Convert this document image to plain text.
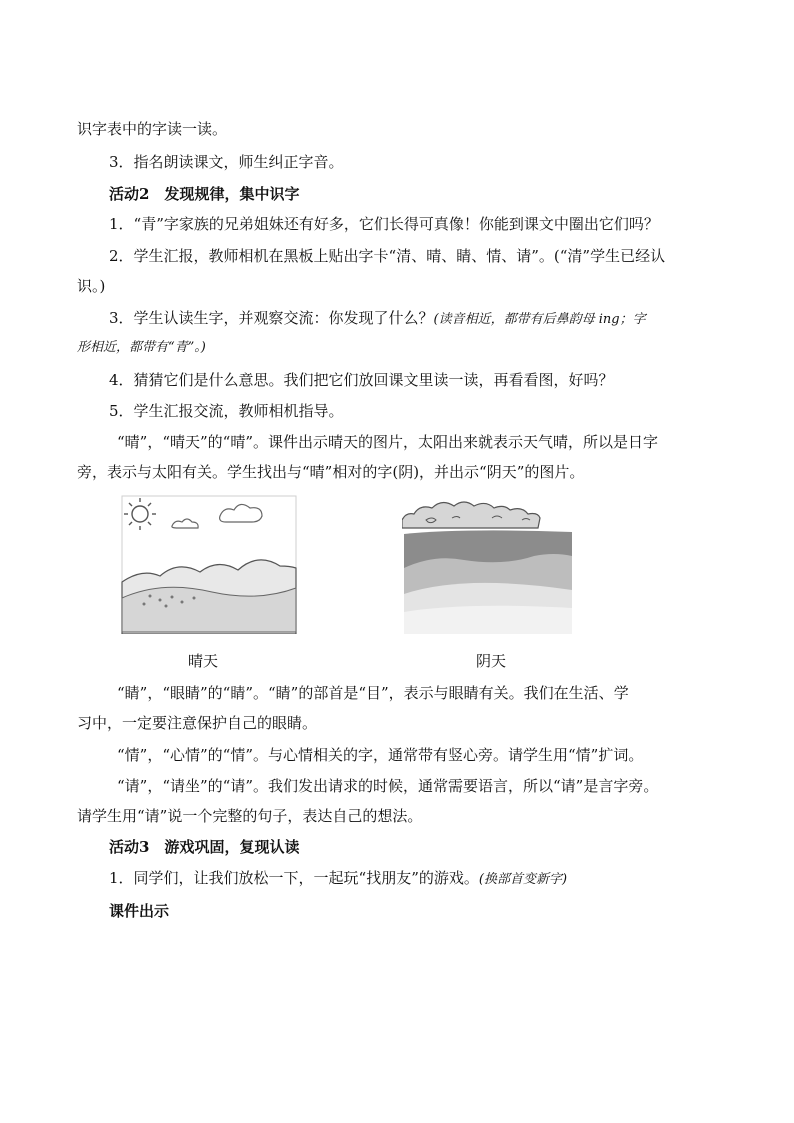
识字表中的字读一读。
3．指名朗读课文，师生纠正字音。
活动2　发现规律，集中识字
1．“青”字家族的兄弟姐妹还有好多，它们长得可真像！你能到课文中圈出它们吗？
2．学生汇报，教师相机在黑板上贴出字卡“清、晴、睛、情、请”。(“清”学生已经认
识。)
3．学生认读生字，并观察交流：你发现了什么？(读音相近，都带有后鼻韵母 ing；字
形相近，都带有“青”。)
4．猜猜它们是什么意思。我们把它们放回课文里读一读，再看看图，好吗？
5．学生汇报交流，教师相机指导。
“晴”，“晴天”的“晴”。课件出示晴天的图片，太阳出来就表示天气晴，所以是日字
旁，表示与太阳有关。学生找出与“晴”相对的字(阴)，并出示“阴天”的图片。
晴天	阴天
“睛”，“眼睛”的“睛”。“睛”的部首是“目”，表示与眼睛有关。我们在生活、学
习中，一定要注意保护自己的眼睛。
“情”，“心情”的“情”。与心情相关的字，通常带有竖心旁。请学生用“情”扩词。
“请”，“请坐”的“请”。我们发出请求的时候，通常需要语言，所以“请”是言字旁。
请学生用“请”说一个完整的句子，表达自己的想法。
活动3　游戏巩固，复现认读
1．同学们，让我们放松一下，一起玩“找朋友”的游戏。(换部首变新字)
课件出示
